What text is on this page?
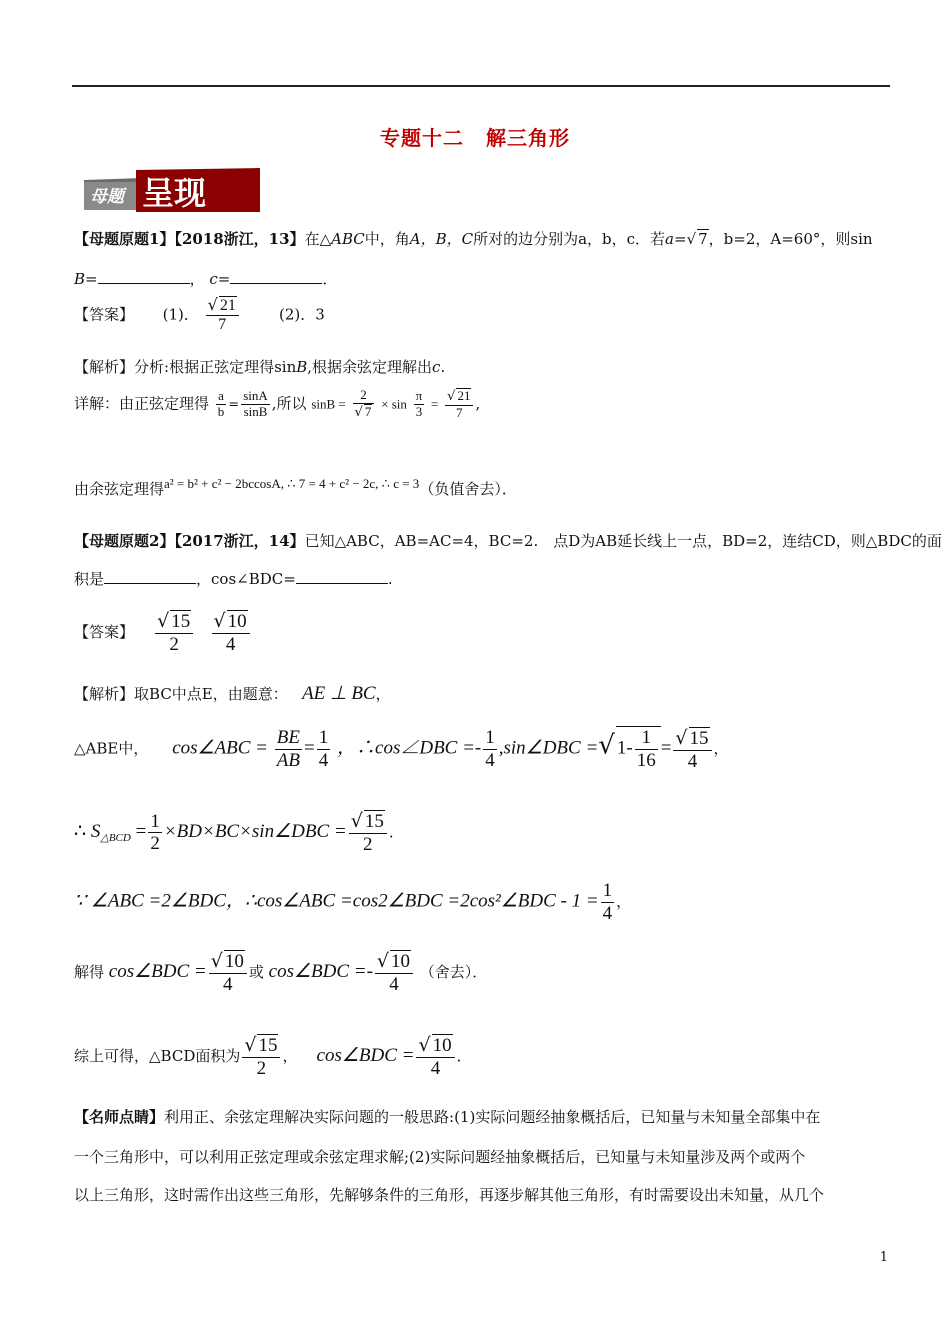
专题十二 解三角形
母题 呈现
【母题原题1】【2018浙江，13】在△ABC中，角A，B，C所对的边分别为a，b，c．若a=√ 7，b=2，A=60°，则sin
B=	， c=	．
【答案】 (1)． $\frac{√ 21}{7}$	(2)．3
【解析】分析:根据正弦定理得sinB,根据余弦定理解出c.
详解：由正弦定理得 $\frac{a}{b} = \frac{\sin A}{\sin B}$ ,所以 $\sin B = \frac{2}{√ 7} \times \sin \frac{\pi}{3} = \frac{√ 21}{7}$ ,
由余弦定理得a² = b² + c² − 2bccosA, ∴ 7 = 4 + c² − 2c, ∴ c = 3（负值舍去）．
【母题原题2】【2017浙江，14】已知△ABC，AB=AC=4，BC=2.　点D为AB延长线上一点，BD=2，连结CD，则△BDC的面
积是	，cos∠BDC=	.
【答案】 $\frac{√ 15}{2}$
$\frac{√ 10}{4}$
【解析】取BC中点E，由题意： AE ⊥ BC，
△ABE中， cos∠ABC = $\frac{BE}{AB} = \frac{1}{4}$ ，∴cos∠DBC =- $\frac{1}{4}$ ,sin∠DBC =√ $1- \frac{1}{16} = \frac{√ 15}{4}$ ，
∴ $S_{\triangle BCD} = \frac{1}{2}$ ×BD×BC×sin∠DBC = $\frac{√ 15}{2}$ ．
∵ ∠ABC =2∠BDC，∴cos∠ABC =cos2∠BDC =2cos²∠BDC - $1 = \frac{1}{4}$ ，
解得 cos∠BDC = $\frac{√ 10}{4}$ 或 cos∠BDC =- $\frac{√ 10}{4}$ （舍去）．
综上可得，△BCD面积为 $\frac{√ 15}{2}$ ， cos∠BDC = $\frac{√ 10}{4}$ ．
【名师点睛】利用正、余弦定理解决实际问题的一般思路:(1)实际问题经抽象概括后，已知量与未知量全部集中在
一个三角形中，可以利用正弦定理或余弦定理求解;(2)实际问题经抽象概括后，已知量与未知量涉及两个或两个
以上三角形，这时需作出这些三角形，先解够条件的三角形，再逐步解其他三角形，有时需要设出未知量，从几个
1
